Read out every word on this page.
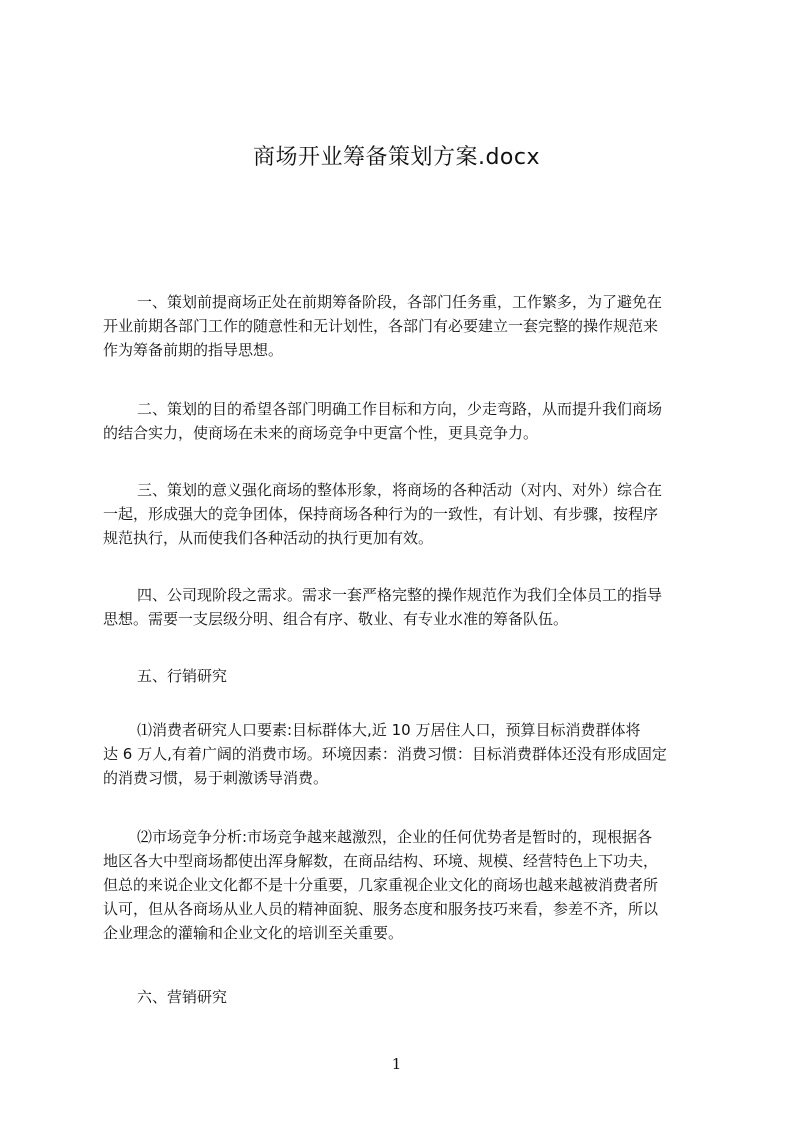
商场开业筹备策划方案.docx
一、策划前提商场正处在前期筹备阶段，各部门任务重，工作繁多，为了避免在
开业前期各部门工作的随意性和无计划性，各部门有必要建立一套完整的操作规范来
作为筹备前期的指导思想。
二、策划的目的希望各部门明确工作目标和方向，少走弯路，从而提升我们商场
的结合实力，使商场在未来的商场竞争中更富个性，更具竞争力。
三、策划的意义强化商场的整体形象，将商场的各种活动（对内、对外）综合在
一起，形成强大的竞争团体，保持商场各种行为的一致性，有计划、有步骤，按程序
规范执行，从而使我们各种活动的执行更加有效。
四、公司现阶段之需求。需求一套严格完整的操作规范作为我们全体员工的指导
思想。需要一支层级分明、组合有序、敬业、有专业水准的筹备队伍。
五、行销研究
⑴消费者研究人口要素:目标群体大,近 10 万居住人口，预算目标消费群体将
达 6 万人,有着广阔的消费市场。环境因素：消费习惯：目标消费群体还没有形成固定
的消费习惯，易于刺激诱导消费。
⑵市场竞争分析:市场竞争越来越激烈，企业的任何优势者是暂时的，现根据各
地区各大中型商场都使出浑身解数，在商品结构、环境、规模、经营特色上下功夫，
但总的来说企业文化都不是十分重要，几家重视企业文化的商场也越来越被消费者所
认可，但从各商场从业人员的精神面貌、服务态度和服务技巧来看，参差不齐，所以
企业理念的灌输和企业文化的培训至关重要。
六、营销研究
1
